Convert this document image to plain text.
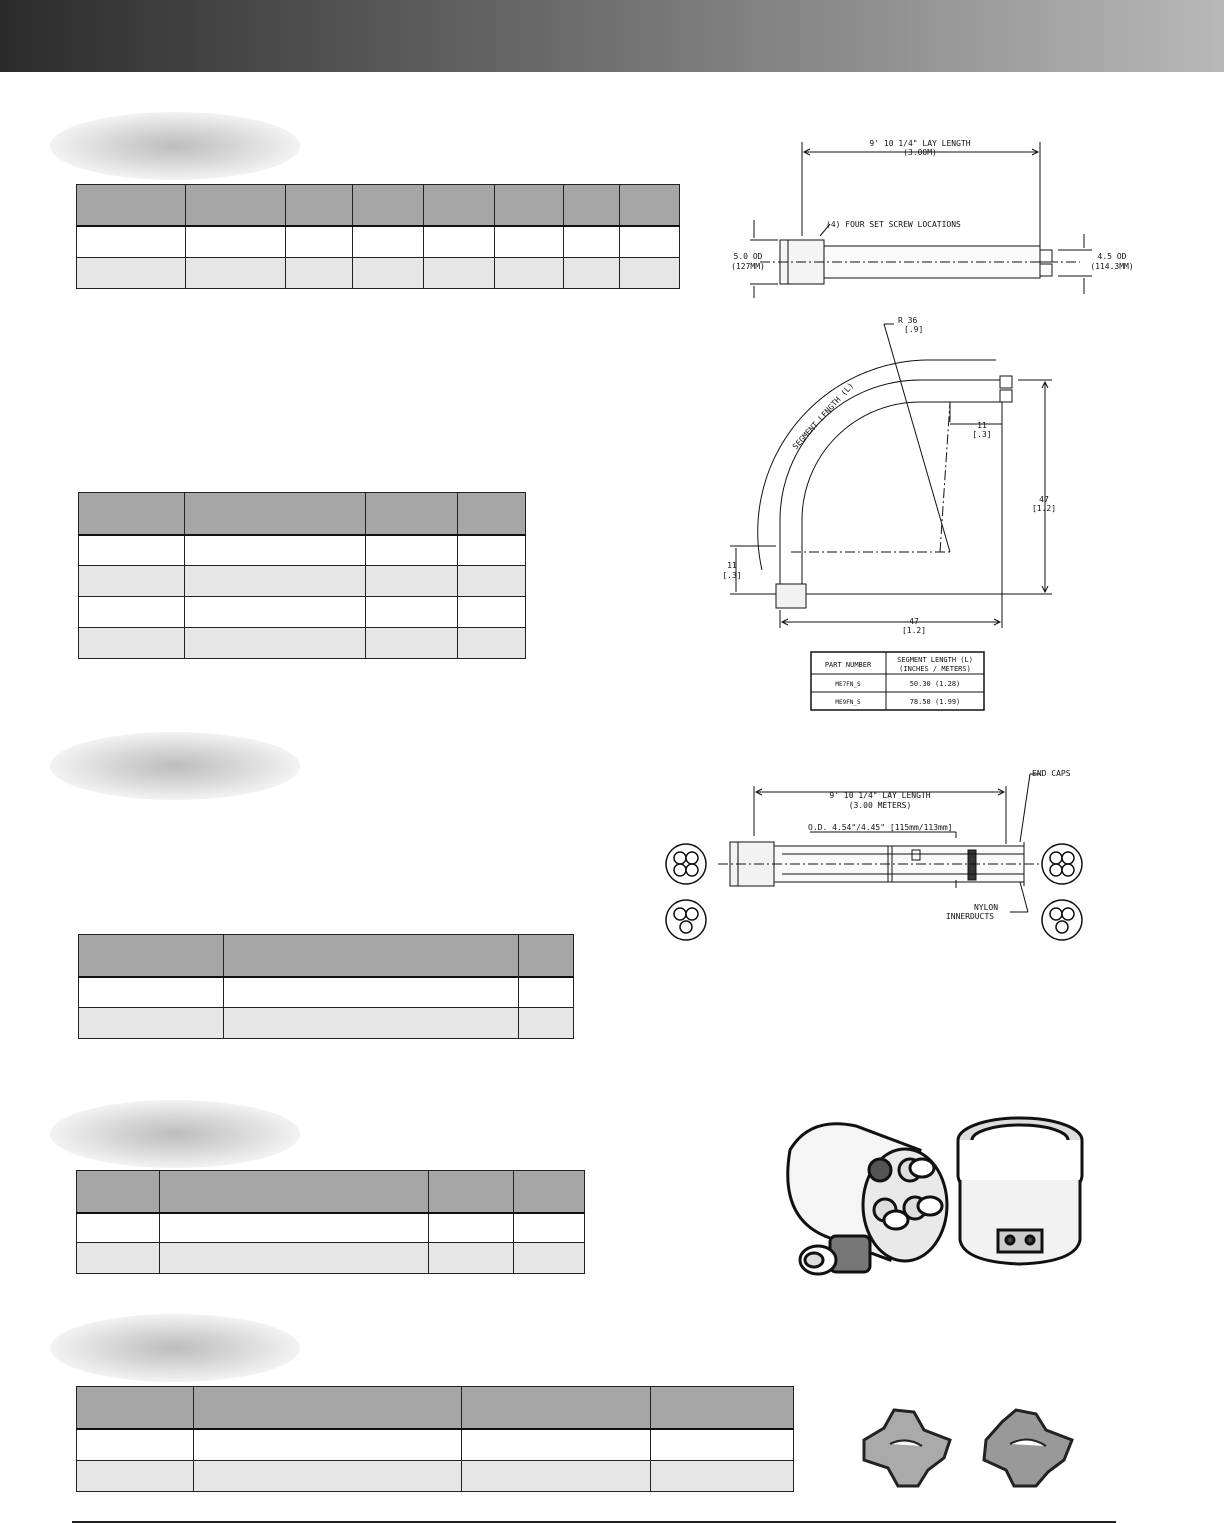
9' 10 1/4" LAY LENGTH
(3.00M)
(4) FOUR SET SCREW LOCATIONS
5.0 OD
(127MM)
4.5 OD
(114.3MM)
R 36
[.9]
SEGMENT LENGTH (L)	11
[.3]
47
[1.2]
11
[.3]
47
[1.2]
PART NUMBER
SEGMENT LENGTH (L)
(INCHES / METERS)
ME7FN_S	50.30 (1.28)
ME9FN_S	78.50 (1.99)
END CAPS
9' 10 1/4" LAY LENGTH
(3.00 METERS)
O.D. 4.54"/4.45" [115mm/113mm]
NYLON
INNERDUCTS
